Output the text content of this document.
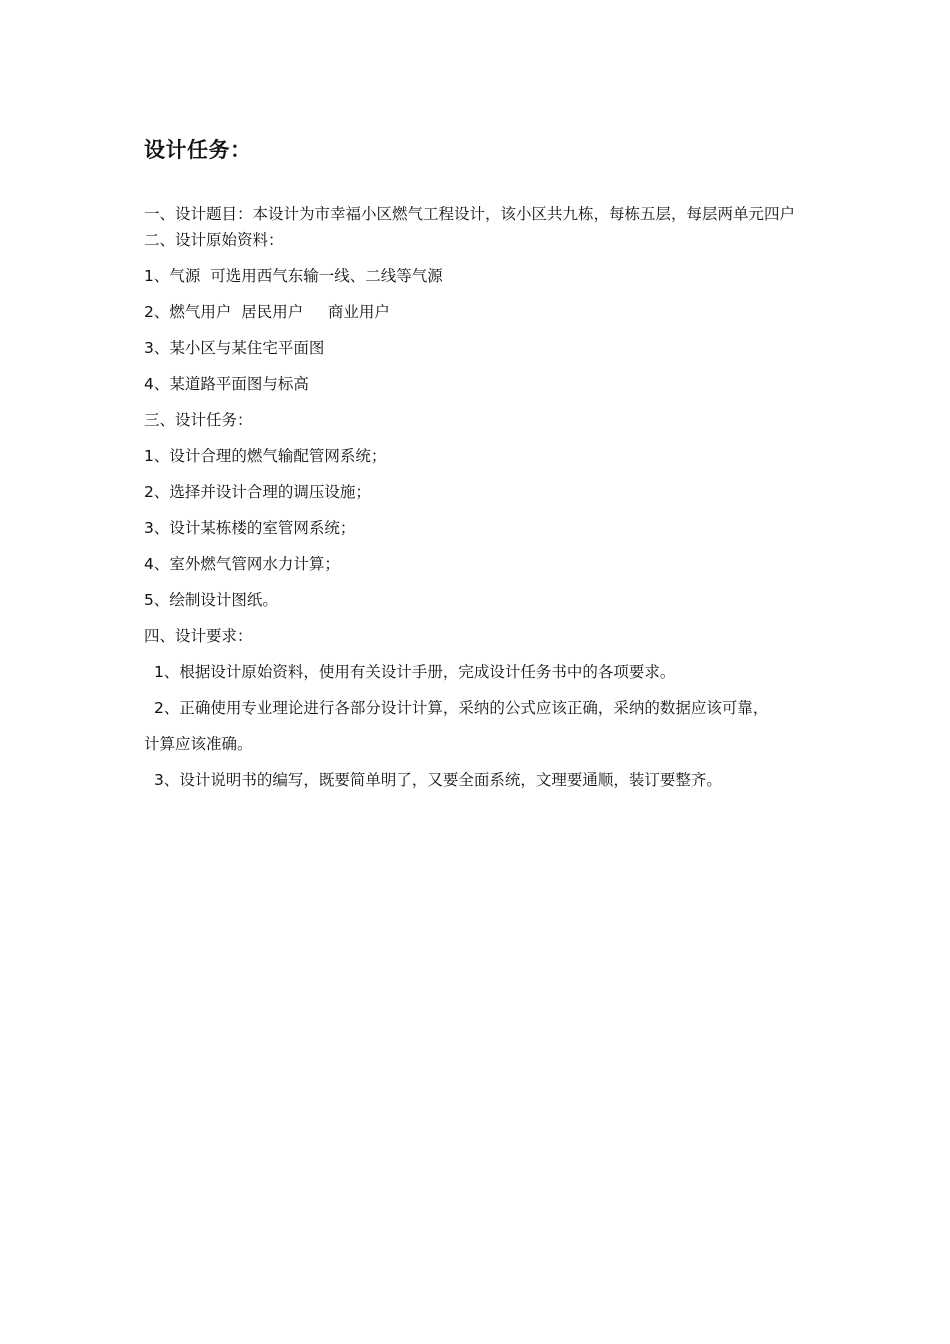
设计任务：
一、设计题目：本设计为市幸福小区燃气工程设计，该小区共九栋，每栋五层，每层两单元四户
二、设计原始资料：
1、气源  可选用西气东输一线、二线等气源
2、燃气用户  居民用户     商业用户
3、某小区与某住宅平面图
4、某道路平面图与标高
三、设计任务：
1、设计合理的燃气输配管网系统；
2、选择并设计合理的调压设施；
3、设计某栋楼的室管网系统；
4、室外燃气管网水力计算；
5、绘制设计图纸。
四、设计要求：
1、根据设计原始资料，使用有关设计手册，完成设计任务书中的各项要求。
2、正确使用专业理论进行各部分设计计算，采纳的公式应该正确，采纳的数据应该可靠，
计算应该准确。
3、设计说明书的编写，既要简单明了，又要全面系统，文理要通顺，装订要整齐。
